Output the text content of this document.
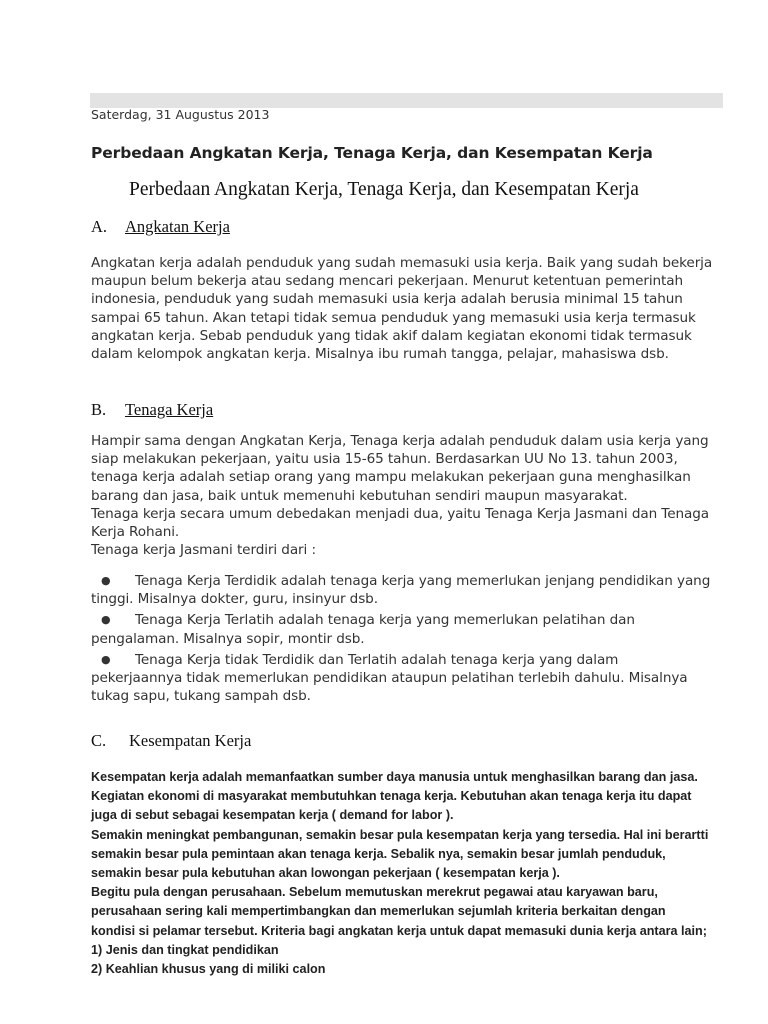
Saterdag, 31 Augustus 2013
Perbedaan Angkatan Kerja, Tenaga Kerja, dan Kesempatan Kerja
Perbedaan Angkatan Kerja, Tenaga Kerja, dan Kesempatan Kerja
A. Angkatan Kerja

Angkatan kerja adalah penduduk yang sudah memasuki usia kerja. Baik yang sudah bekerja

maupun belum bekerja atau sedang mencari pekerjaan. Menurut ketentuan pemerintah

indonesia, penduduk yang sudah memasuki usia kerja adalah berusia minimal 15 tahun

sampai 65 tahun. Akan tetapi tidak semua penduduk yang memasuki usia kerja termasuk

angkatan kerja. Sebab penduduk yang tidak akif dalam kegiatan ekonomi tidak termasuk

dalam kelompok angkatan kerja. Misalnya ibu rumah tangga, pelajar, mahasiswa dsb.

B. Tenaga Kerja

Hampir sama dengan Angkatan Kerja, Tenaga kerja adalah penduduk dalam usia kerja yang

siap melakukan pekerjaan, yaitu usia 15-65 tahun. Berdasarkan UU No 13. tahun 2003,

tenaga kerja adalah setiap orang yang mampu melakukan pekerjaan guna menghasilkan

barang dan jasa, baik untuk memenuhi kebutuhan sendiri maupun masyarakat.

Tenaga kerja secara umum debedakan menjadi dua, yaitu Tenaga Kerja Jasmani dan Tenaga

Kerja Rohani.

Tenaga kerja Jasmani terdiri dari :

●	Tenaga Kerja Terdidik adalah tenaga kerja yang memerlukan jenjang pendidikan yang
tinggi. Misalnya dokter, guru, insinyur dsb.
●	Tenaga Kerja Terlatih adalah tenaga kerja yang memerlukan pelatihan dan
pengalaman. Misalnya sopir, montir dsb.
●	Tenaga Kerja tidak Terdidik dan Terlatih adalah tenaga kerja yang dalam
pekerjaannya tidak memerlukan pendidikan ataupun pelatihan terlebih dahulu. Misalnya
tukag sapu, tukang sampah dsb.
C. Kesempatan Kerja

Kesempatan kerja adalah memanfaatkan sumber daya manusia untuk menghasilkan barang dan jasa.

Kegiatan ekonomi di masyarakat membutuhkan tenaga kerja. Kebutuhan akan tenaga kerja itu dapat

juga di sebut sebagai kesempatan kerja ( demand for labor ).

Semakin meningkat pembangunan, semakin besar pula kesempatan kerja yang tersedia. Hal ini berartti

semakin besar pula pemintaan akan tenaga kerja. Sebalik nya, semakin besar jumlah penduduk,

semakin besar pula kebutuhan akan lowongan pekerjaan ( kesempatan kerja ).

Begitu pula dengan perusahaan. Sebelum memutuskan merekrut pegawai atau karyawan baru,

perusahaan sering kali mempertimbangkan dan memerlukan sejumlah kriteria berkaitan dengan

kondisi si pelamar tersebut. Kriteria bagi angkatan kerja untuk dapat memasuki dunia kerja antara lain;

1) Jenis dan tingkat pendidikan

2) Keahlian khusus yang di miliki calon
